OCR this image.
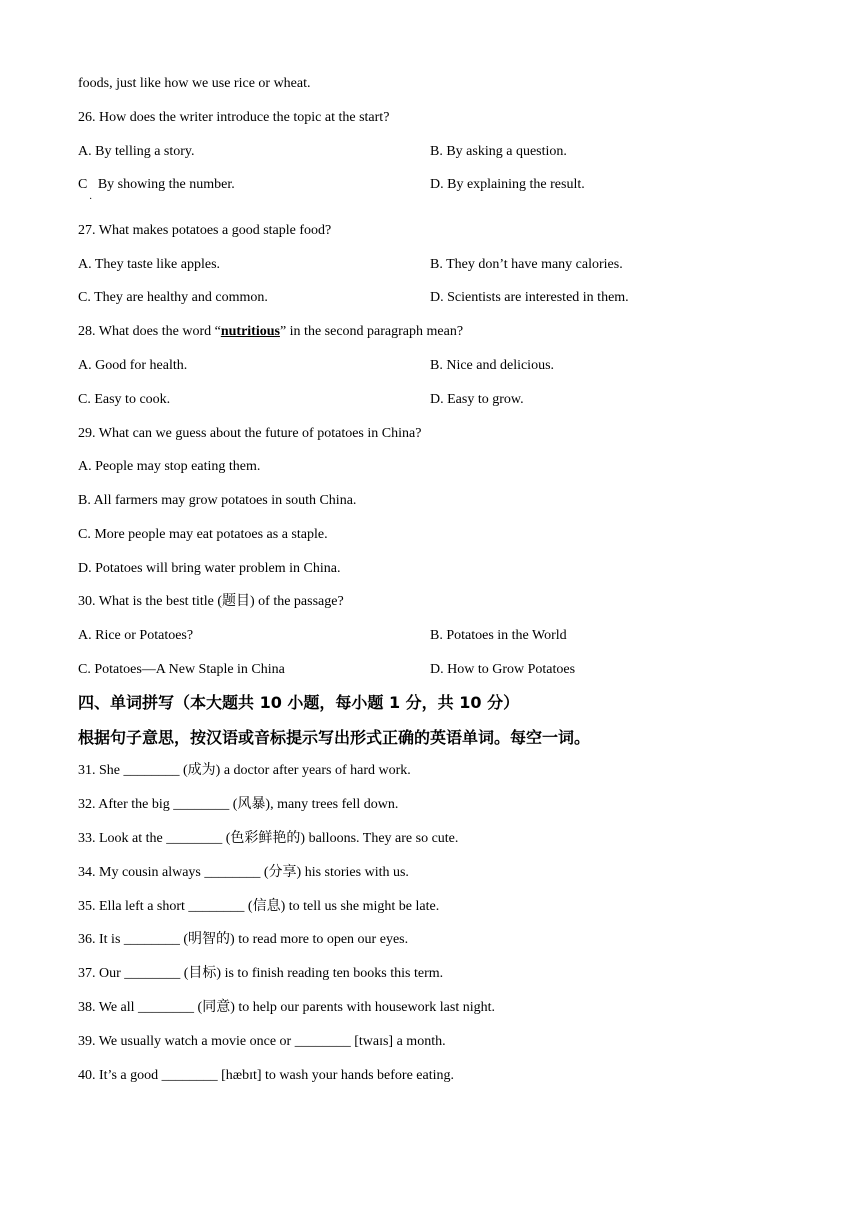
foods, just like how we use rice or wheat.
26. How does the writer introduce the topic at the start?
A. By telling a story.	B. By asking a question.
C By showing the number.
·
D. By explaining the result.
27. What makes potatoes a good staple food?
A. They taste like apples.	B. They don’t have many calories.
C. They are healthy and common.	D. Scientists are interested in them.
28. What does the word “nutritious” in the second paragraph mean?
A. Good for health.	B. Nice and delicious.
C. Easy to cook.	D. Easy to grow.
29. What can we guess about the future of potatoes in China?
A. People may stop eating them.
B. All farmers may grow potatoes in south China.
C. More people may eat potatoes as a staple.
D. Potatoes will bring water problem in China.
30. What is the best title (题目) of the passage?
A. Rice or Potatoes?	B. Potatoes in the World
C. Potatoes—A New Staple in China	D. How to Grow Potatoes
四、单词拼写（本大题共 10 小题，每小题 1 分，共 10 分）
根据句子意思，按汉语或音标提示写出形式正确的英语单词。每空一词。
31. She ________ (成为) a doctor after years of hard work.
32. After the big ________ (风暴), many trees fell down.
33. Look at the ________ (色彩鲜艳的) balloons. They are so cute.
34. My cousin always ________ (分享) his stories with us.
35. Ella left a short ________ (信息) to tell us she might be late.
36. It is ________ (明智的) to read more to open our eyes.
37. Our ________ (目标) is to finish reading ten books this term.
38. We all ________ (同意) to help our parents with housework last night.
39. We usually watch a movie once or ________ [twaɪs] a month.
40. It’s a good ________ [hæbɪt] to wash your hands before eating.
